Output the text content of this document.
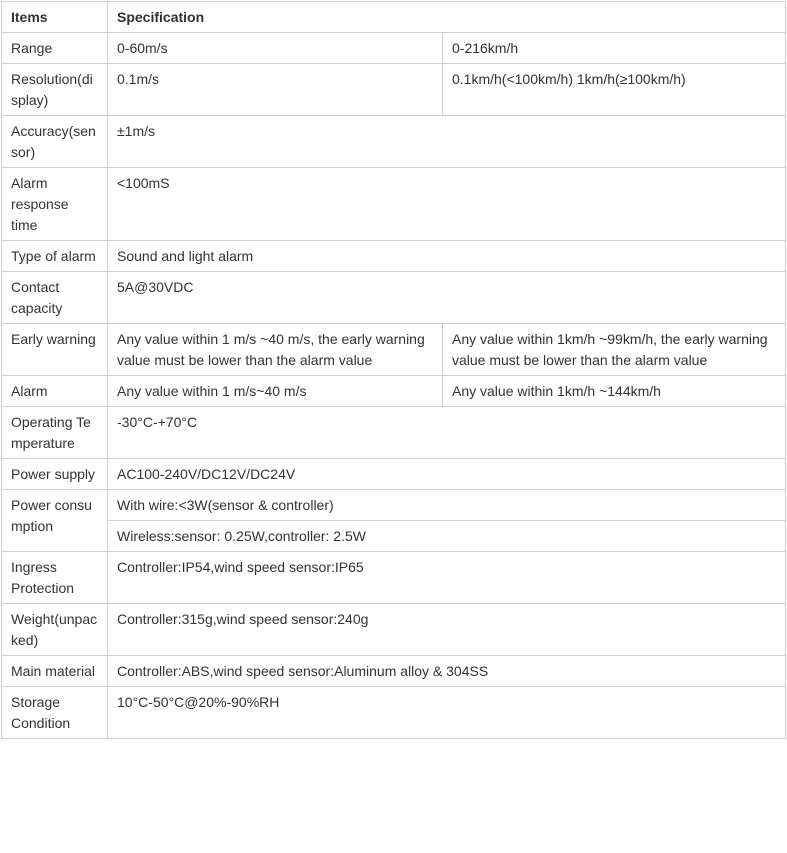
Items	Specification	
Range	0-60m/s	0-216km/h
Resolution(display)	0.1m/s	0.1km/h(<100km/h) 1km/h(≥100km/h)
Accuracy(sensor)	±1m/s	
Alarm response time	<100mS	
Type of alarm	Sound and light alarm	
Contact capacity	5A@30VDC	
Early warning	Any value within 1 m/s ~40 m/s, the early warning value must be lower than the alarm value	Any value within 1km/h ~99km/h, the early warning value must be lower than the alarm value
Alarm	Any value within 1 m/s~40 m/s	Any value within 1km/h ~144km/h
Operating Temperature	-30°C-+70°C	
Power supply	AC100-240V/DC12V/DC24V	
Power consumption	With wire:<3W(sensor & controller)	
	Wireless:sensor: 0.25W,controller: 2.5W	
Ingress Protection	Controller:IP54,wind speed sensor:IP65	
Weight(unpacked)	Controller:315g,wind speed sensor:240g	
Main material	Controller:ABS,wind speed sensor:Aluminum alloy & 304SS	
Storage Condition	10°C-50°C@20%-90%RH	
